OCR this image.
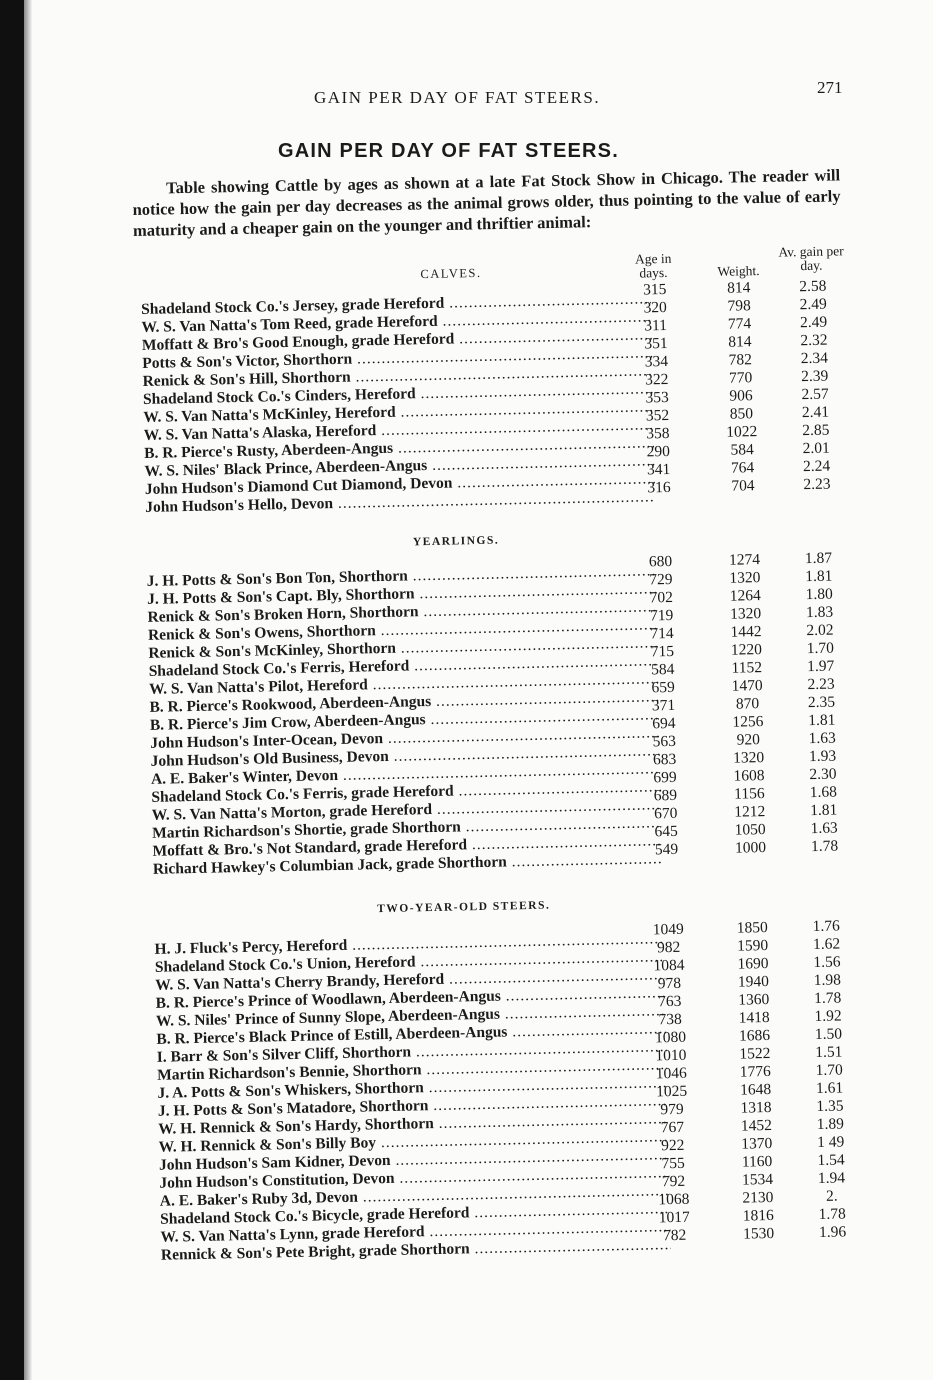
GAIN PER DAY OF FAT STEERS.
271
GAIN PER DAY OF FAT STEERS.

Table showing Cattle by ages as shown at a late Fat Stock Show in Chicago. The reader will notice how the gain per day decreases as the animal grows older, thus pointing to the value of early maturity and a cheaper gain on the younger and thriftier animal:

CALVES.
Age in days.	Weight.
Av. gain per day.
Shadeland Stock Co.'s Jersey, grade Hereford .....
315	814	2.58
W. S. Van Natta's Tom Reed, grade Hereford .....
320	798	2.49
Moffatt & Bro's Good Enough, grade Hereford .....
311	774	2.49
Potts & Son's Victor, Shorthorn .....
351	814	2.32
Renick & Son's Hill, Shorthorn .....
334	782	2.34
Shadeland Stock Co.'s Cinders, Hereford .....
322	770	2.39
W. S. Van Natta's McKinley, Hereford .....
353	906	2.57
W. S. Van Natta's Alaska, Hereford .....
352	850	2.41
B. R. Pierce's Rusty, Aberdeen-Angus .....
358	1022	2.85
W. S. Niles' Black Prince, Aberdeen-Angus .....
290	584	2.01
John Hudson's Diamond Cut Diamond, Devon .....
341	764	2.24
John Hudson's Hello, Devon .....
316	704	2.23
YEARLINGS.
J. H. Potts & Son's Bon Ton, Shorthorn .....
680	1274	1.87
J. H. Potts & Son's Capt. Bly, Shorthorn .....
729	1320	1.81
Renick & Son's Broken Horn, Shorthorn .....
702	1264	1.80
Renick & Son's Owens, Shorthorn .....
719	1320	1.83
Renick & Son's McKinley, Shorthorn .....
714	1442	2.02
Shadeland Stock Co.'s Ferris, Hereford .....
715	1220	1.70
W. S. Van Natta's Pilot, Hereford .....
584	1152	1.97
B. R. Pierce's Rookwood, Aberdeen-Angus .....
659	1470	2.23
B. R. Pierce's Jim Crow, Aberdeen-Angus .....
371	870	2.35
John Hudson's Inter-Ocean, Devon .....
694	1256	1.81
John Hudson's Old Business, Devon .....
563	920	1.63
A. E. Baker's Winter, Devon .....
683	1320	1.93
Shadeland Stock Co.'s Ferris, grade Hereford .....
699	1608	2.30
W. S. Van Natta's Morton, grade Hereford .....
689	1156	1.68
Martin Richardson's Shortie, grade Shorthorn .....
670	1212	1.81
Moffatt & Bro.'s Not Standard, grade Hereford .....
645	1050	1.63
Richard Hawkey's Columbian Jack, grade Shorthorn .....
549	1000	1.78
TWO-YEAR-OLD STEERS.
H. J. Fluck's Percy, Hereford .....
1049	1850	1.76
Shadeland Stock Co.'s Union, Hereford .....
982	1590	1.62
W. S. Van Natta's Cherry Brandy, Hereford .....
1084	1690	1.56
B. R. Pierce's Prince of Woodlawn, Aberdeen-Angus .....
978	1940	1.98
W. S. Niles' Prince of Sunny Slope, Aberdeen-Angus .....
763	1360	1.78
B. R. Pierce's Black Prince of Estill, Aberdeen-Angus .....
738	1418	1.92
I. Barr & Son's Silver Cliff, Shorthorn .....
1080	1686	1.50
Martin Richardson's Bennie, Shorthorn .....
1010	1522	1.51
J. A. Potts & Son's Whiskers, Shorthorn .....
1046	1776	1.70
J. H. Potts & Son's Matadore, Shorthorn .....
1025	1648	1.61
W. H. Rennick & Son's Hardy, Shorthorn .....
979	1318	1.35
W. H. Rennick & Son's Billy Boy .....
767	1452	1.89
John Hudson's Sam Kidner, Devon .....
922	1370	1 49
John Hudson's Constitution, Devon .....
755	1160	1.54
A. E. Baker's Ruby 3d, Devon .....
792	1534	1.94
Shadeland Stock Co.'s Bicycle, grade Hereford .....
1068	2130	2.
W. S. Van Natta's Lynn, grade Hereford .....
1017	1816	1.78
Rennick & Son's Pete Bright, grade Shorthorn .....
782	1530	1.96
